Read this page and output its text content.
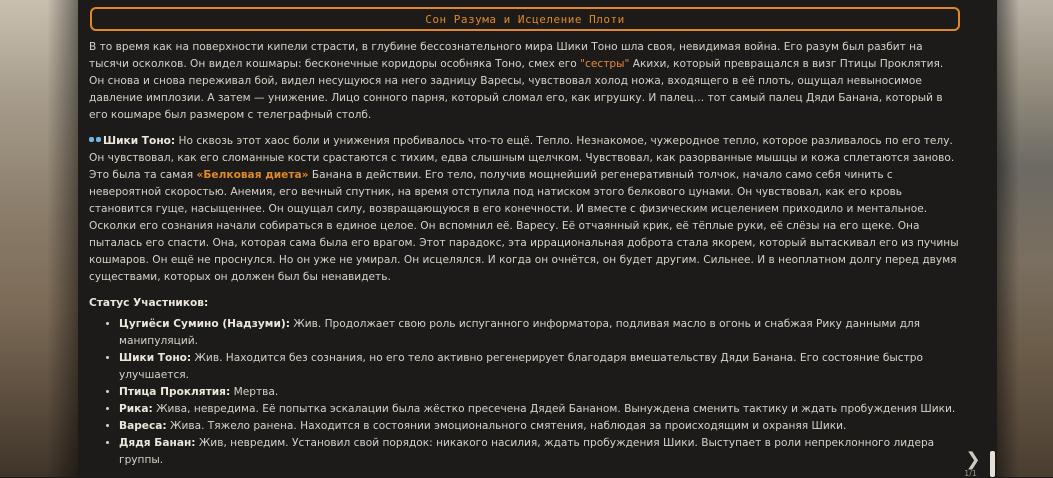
Сон Разума и Исцеление Плоти

В то время как на поверхности кипели страсти, в глубине бессознательного мира Шики Тоно шла своя, невидимая война. Его разум был разбит на тысячи осколков. Он видел кошмары: бесконечные коридоры особняка Тоно, смех его "сестры" Акихи, который превращался в визг Птицы Проклятия. Он снова и снова переживал бой, видел несущуюся на него задницу Варесы, чувствовал холод ножа, входящего в её плоть, ощущал невыносимое давление имплозии. А затем — унижение. Лицо сонного парня, который сломал его, как игрушку. И палец… тот самый палец Дяди Банана, который в его кошмаре был размером с телеграфный столб.

Шики Тоно: Но сквозь этот хаос боли и унижения пробивалось что-то ещё. Тепло. Незнакомое, чужеродное тепло, которое разливалось по его телу. Он чувствовал, как его сломанные кости срастаются с тихим, едва слышным щелчком. Чувствовал, как разорванные мышцы и кожа сплетаются заново. Это была та самая «Белковая диета» Банана в действии. Его тело, получив мощнейший регенеративный толчок, начало само себя чинить с невероятной скоростью. Анемия, его вечный спутник, на время отступила под натиском этого белкового цунами. Он чувствовал, как его кровь становится гуще, насыщеннее. Он ощущал силу, возвращающуюся в его конечности. И вместе с физическим исцелением приходило и ментальное. Осколки его сознания начали собираться в единое целое. Он вспомнил её. Варесу. Её отчаянный крик, её тёплые руки, её слёзы на его щеке. Она пыталась его спасти. Она, которая сама была его врагом. Этот парадокс, эта иррациональная доброта стала якорем, который вытаскивал его из пучины кошмаров. Он ещё не проснулся. Но он уже не умирал. Он исцелялся. И когда он очнётся, он будет другим. Сильнее. И в неоплатном долгу перед двумя существами, которых он должен был бы ненавидеть.

Статус Участников:
• Цугиёси Сумино (Надзуми): Жив. Продолжает свою роль испуганного информатора, подливая масло в огонь и снабжая Рику данными для манипуляций.
• Шики Тоно: Жив. Находится без сознания, но его тело активно регенерирует благодаря вмешательству Дяди Банана. Его состояние быстро улучшается.
• Птица Проклятия: Мертва.
• Рика: Жива, невредима. Её попытка эскалации была жёстко пресечена Дядей Бананом. Вынуждена сменить тактику и ждать пробуждения Шики.
• Вареса: Жива. Тяжело ранена. Находится в состоянии эмоционального смятения, наблюдая за происходящим и охраняя Шики.
• Дядя Банан: Жив, невредим. Установил свой порядок: никакого насилия, ждать пробуждения Шики. Выступает в роли непреклонного лидера группы.	❯
1/1
